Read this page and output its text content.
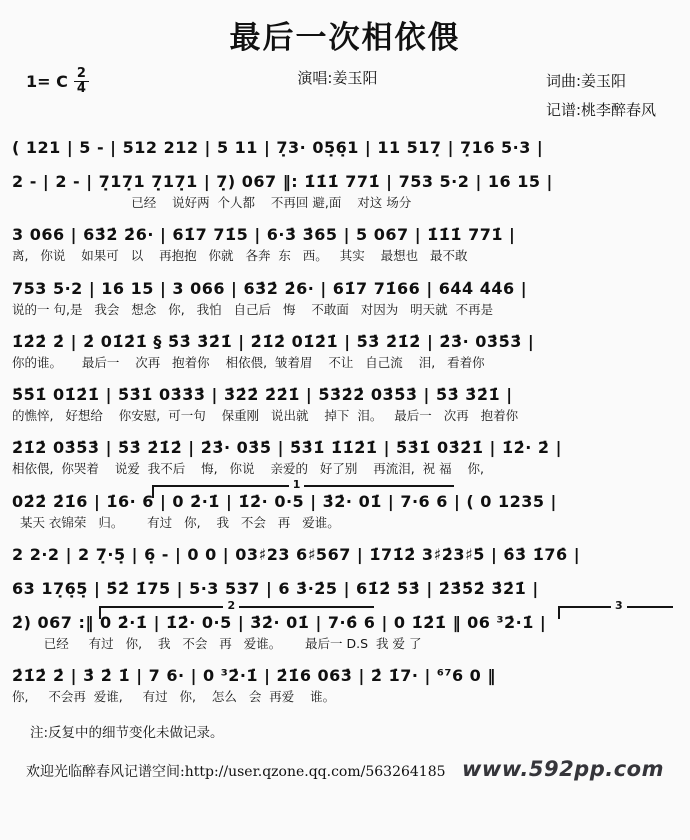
最后一次相依偎
1= C $\frac{2}{4}$	演唱:姜玉阳	词曲:姜玉阳
记谱:桃李醉春风
( 121 | 5 - | 512 212 | 5 11 | 7̣3· 05̣6̣1 | 11 517̣ | 7̣16 5·3 |
2 - | 2 - | 7̣17̣1 7̣17̣1 | 7̣) 067 ‖: 1̇1̇1̇ 771̇ | 753 5·2 | 16 15 |
已经    说好两  个人都    不再回 避,面    对这 场分
3 066 | 63̇2̇ 2̇6· | 61̇7 71̇5 | 6·3̇ 3̇65 | 5 067 | 1̇1̇1̇ 771̇ |
离,   你说    如果可   以    再抱抱   你就   各奔  东   西。   其实    最想也   最不敢
753 5·2 | 16 15 | 3 066 | 63̇2̇ 2̇6· | 61̇7 71̇66 | 64̇4̇ 4̇4̇6 |
说的一 句,是   我会   想念   你,   我怕   自己后   悔    不敢面   对因为   明天就  不再是
1̇2̇2̇ 2̇ | 2̇ 01̇2̇1̇ § 5̇3̇ 3̇2̇1̇ | 2̇1̇2̇ 01̇2̇1̇ | 5̇3̇ 2̇1̇2̇ | 2̇3̇· 03̇5̇3̇ |
你的谁。     最后一    次再   抱着你    相依偎,  皱着眉    不让   自己流    泪,   看着你
5̇5̇1̇ 01̇2̇1̇ | 5̇3̇1̇ 03̇3̇3̇ | 3̇2̇2̇ 2̇2̇1̇ | 5̇3̇2̇2̇ 03̇5̇3̇ | 5̇3̇ 3̇2̇1̇ |
的憔悴,   好想给    你安慰,  可一句    保重刚   说出就    掉下  泪。   最后一   次再   抱着你
2̇1̇2̇ 03̇5̇3̇ | 5̇3̇ 2̇1̇2̇ | 2̇3̇· 03̇5̇ | 5̇3̇1̇ 1̇1̇2̇1̇ | 5̇3̇1̇ 03̇2̇1̇ | 1̇2̇· 2̇ |
相依偎,  你哭着    说爱  我不后    悔,   你说    亲爱的   好了别    再流泪,  祝 福    你,
1
02̇2̇ 2̇1̇6 | 1̇6· 6 | 0 2̇·1̇ | 1̇2̇· 0·5 | 3̇2̇· 01̇ | 7·6 6 | ( 0 1235 |
某天 衣锦荣   归。      有过   你,    我   不会   再   爱谁。
2 2·2 | 2 7̣·5̣ | 6̣ - | 0 0 | 03♯23 6♯567 | 1̇71̇2̇ 3♯2̇3♯5̇ | 6̇3̇ 1̇76̇ |
63 17̣6̣5̣ | 5̇2̇ 1̇75 | 5·3 537 | 6 3̇·2̇5 | 61̇2̇ 5̇3̇ | 2̇3̇5̇2̇ 3̇2̇1̇ |
2	3
2̇) 067 :‖ 0 2̇·1̇ | 1̇2̇· 0·5 | 3̇2̇· 01̇ | 7·6̇ 6 | 0 1̇2̇1̇ ‖ 06 ³2̇·1̇ |
已经     有过   你,    我   不会   再   爱谁。      最后一 D.S  我 爱 了
2̇1̇2̇ 2̇ | 3̇ 2̇ 1̇ | 7 6· | 0 ³2̇·1̇ | 2̇1̇6 063̇ | 2̇ 1̇7· | ⁶⁷6 0 ‖
你,     不会再  爱谁,     有过   你,    怎么   会  再爱    谁。
注:反复中的细节变化未做记录。
欢迎光临醉春风记谱空间:http://user.qzone.qq.com/563264185 www.592pp.com
